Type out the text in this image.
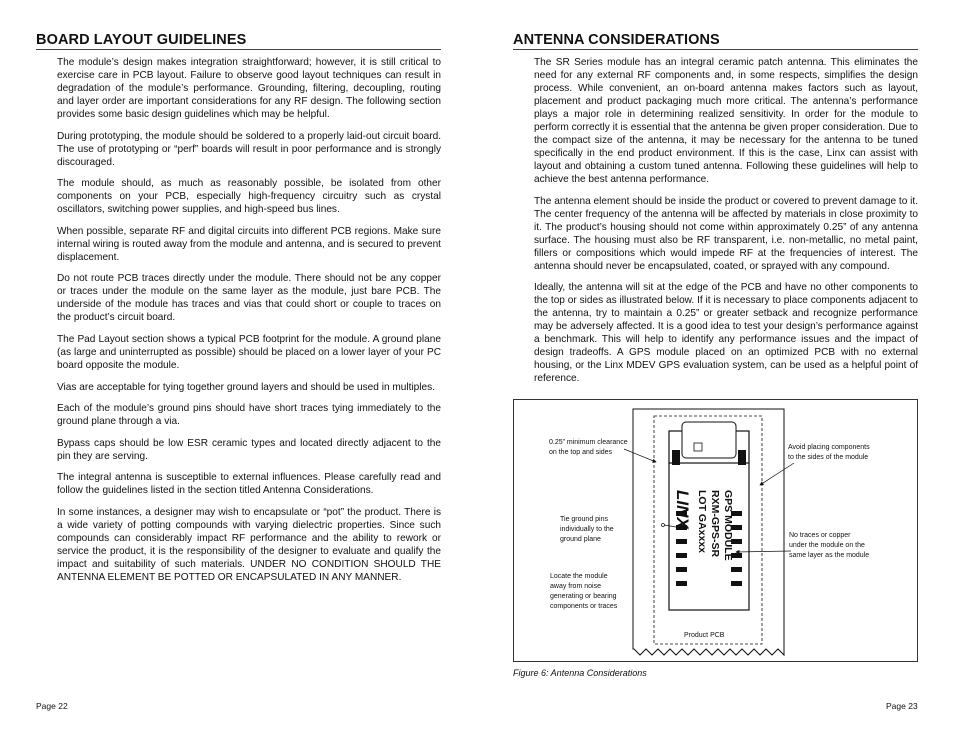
BOARD LAYOUT GUIDELINES

The module’s design makes integration straightforward; however, it is still critical to exercise care in PCB layout. Failure to observe good layout techniques can result in degradation of the module’s performance. Grounding, filtering, decoupling, routing and layer order are important considerations for any RF design. The following section provides some basic design guidelines which may be helpful.

During prototyping, the module should be soldered to a properly laid-out circuit board. The use of prototyping or “perf” boards will result in poor performance and is strongly discouraged.

The module should, as much as reasonably possible, be isolated from other components on your PCB, especially high-frequency circuitry such as crystal oscillators, switching power supplies, and high-speed bus lines.

When possible, separate RF and digital circuits into different PCB regions. Make sure internal wiring is routed away from the module and antenna, and is secured to prevent displacement.

Do not route PCB traces directly under the module. There should not be any copper or traces under the module on the same layer as the module, just bare PCB. The underside of the module has traces and vias that could short or couple to traces on the product’s circuit board.

The Pad Layout section shows a typical PCB footprint for the module. A ground plane (as large and uninterrupted as possible) should be placed on a lower layer of your PC board opposite the module.

Vias are acceptable for tying together ground layers and should be used in multiples.

Each of the module’s ground pins should have short traces tying immediately to the ground plane through a via.

Bypass caps should be low ESR ceramic types and located directly adjacent to the pin they are serving.

The integral antenna is susceptible to external influences. Please carefully read and follow the guidelines listed in the section titled Antenna Considerations.

In some instances, a designer may wish to encapsulate or “pot” the product. There is a wide variety of potting compounds with varying dielectric properties. Since such compounds can considerably impact RF performance and the ability to rework or service the product, it is the responsibility of the designer to evaluate and qualify the impact and suitability of such materials. UNDER NO CONDITION SHOULD THE ANTENNA ELEMENT BE POTTED OR ENCAPSULATED IN ANY MANNER.

ANTENNA CONSIDERATIONS

The SR Series module has an integral ceramic patch antenna. This eliminates the need for any external RF components and, in some respects, simplifies the design process. While convenient, an on-board antenna makes factors such as layout, placement and product packaging much more critical. The antenna’s performance plays a major role in determining realized sensitivity. In order for the module to perform correctly it is essential that the antenna be given proper consideration. Due to the compact size of the antenna, it may be necessary for the antenna to be tuned specifically in the end product environment. If this is the case, Linx can assist with layout and obtaining a custom tuned antenna. Following these guidelines will help to achieve the best antenna performance.

The antenna element should be inside the product or covered to prevent damage to it. The center frequency of the antenna will be affected by materials in close proximity to it. The product’s housing should not come within approximately 0.25” of any antenna surface. The housing must also be RF transparent, i.e. non-metallic, no metal paint, fillers or compositions which would impede RF at the frequencies of interest. The antenna should never be encapsulated, coated, or sprayed with any compound.

Ideally, the antenna will sit at the edge of the PCB and have no other components to the top or sides as illustrated below. If it is necessary to place components adjacent to the antenna, try to maintain a 0.25” or greater setback and recognize performance may be adversely affected. It is a good idea to test your design’s performance against a benchmark. This will help to identify any performance issues and the impact of design tradeoffs. A GPS module placed on an optimized PCB with no external housing, or the Linx MDEV GPS evaluation system, can be used as a helpful point of reference.

GPS MODULE
RXM-GPS-SR
LOT GAxxxx
LINX
0.25” minimum clearance
on the top and sides
Avoid placing components
to the sides of the module
Tie ground pins
individually to the
ground plane
No traces or copper
under the module on the
same layer as the module
Locate the module
away from noise
generating or bearing
components or traces
Product PCB
Figure 6: Antenna Considerations
Page 22	Page 23
